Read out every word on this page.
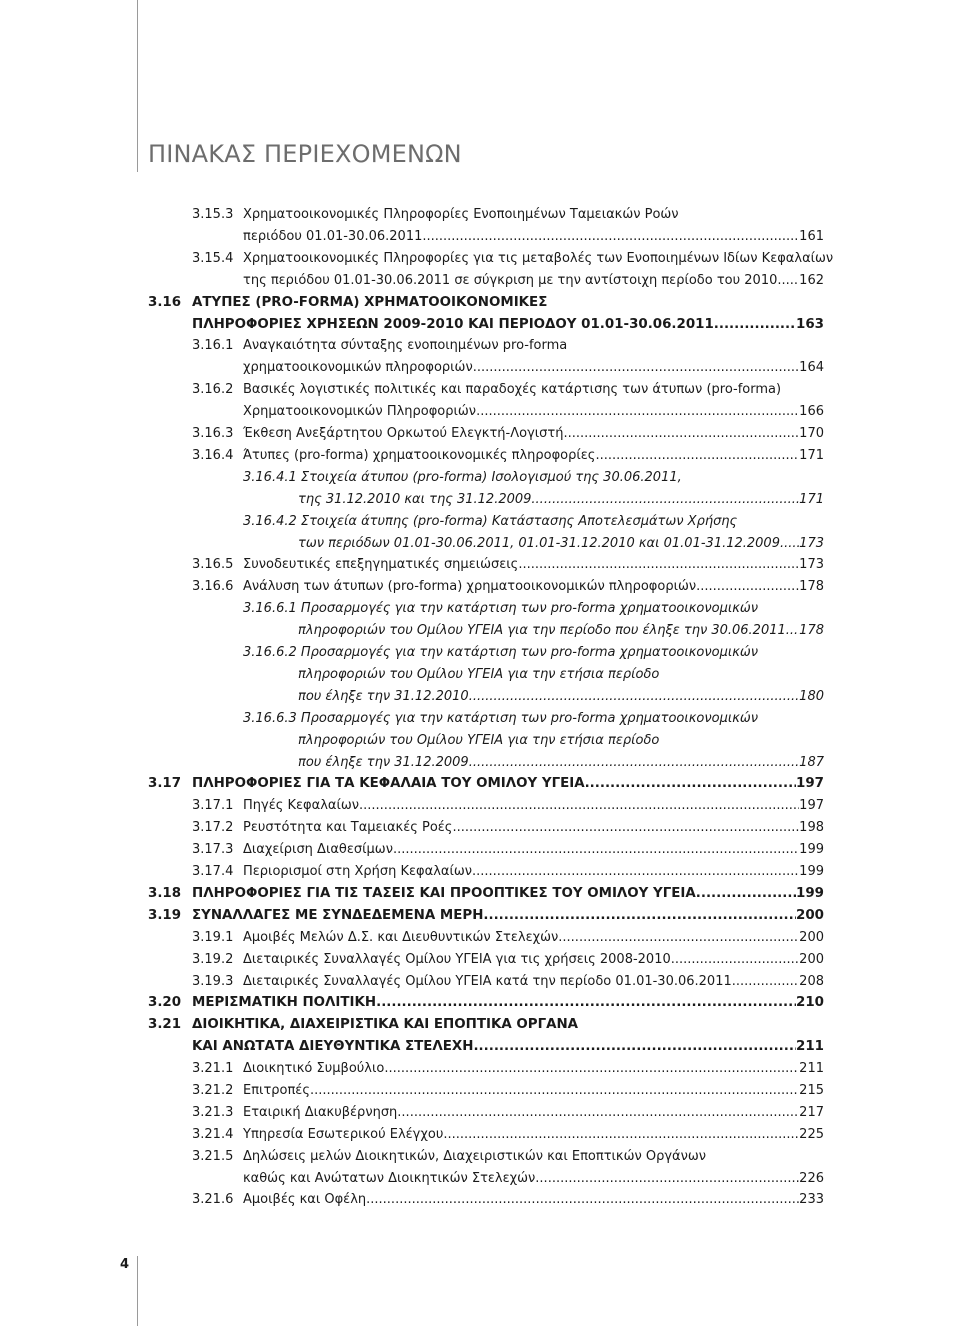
ΠΙΝΑΚΑΣ ΠΕΡΙΕΧΟΜΕΝΩΝ
3.15.3 Χρηματοοικονομικές Πληροφορίες Ενοποιημένων Ταμειακών Ροών
περιόδου 01.01-30.06.2011 .....	161
3.15.4 Χρηματοοικονομικές Πληροφορίες για τις μεταβολές των Ενοποιημένων Ιδίων Κεφαλαίων
της περιόδου 01.01-30.06.2011 σε σύγκριση με την αντίστοιχη περίοδο του 2010 ..... 162
3.16 ΑΤΥΠΕΣ (PRO-FORMA) ΧΡΗΜΑΤΟΟΙΚΟΝΟΜΙΚΕΣ
ΠΛΗΡΟΦΟΡΙΕΣ ΧΡΗΣΕΩΝ 2009-2010 ΚΑΙ ΠΕΡΙΟΔΟΥ 01.01-30.06.2011 .....	163
3.16.1 Αναγκαιότητα σύνταξης ενοποιημένων pro-forma
χρηματοοικονομικών πληροφοριών .....	164
3.16.2 Βασικές λογιστικές πολιτικές και παραδοχές κατάρτισης των άτυπων (pro-forma)
Χρηματοοικονομικών Πληροφοριών .....	166
3.16.3 Έκθεση Ανεξάρτητου Ορκωτού Ελεγκτή-Λογιστή .....	170
3.16.4 Άτυπες (pro-forma) χρηματοοικονομικές πληροφορίες .....	171
3.16.4.1 Στοιχεία άτυπου (pro-forma) Ισολογισμού της 30.06.2011,
της 31.12.2010 και της 31.12.2009 .....	171
3.16.4.2 Στοιχεία άτυπης (pro-forma) Κατάστασης Αποτελεσμάτων Χρήσης
των περιόδων 01.01-30.06.2011, 01.01-31.12.2010 και 01.01-31.12.2009 ..... 173
3.16.5 Συνοδευτικές επεξηγηματικές σημειώσεις .....	173
3.16.6 Ανάλυση των άτυπων (pro-forma) χρηματοοικονομικών πληροφοριών .....	178
3.16.6.1 Προσαρμογές για την κατάρτιση των pro-forma χρηματοοικονομικών
πληροφοριών του Ομίλου ΥΓΕΙΑ για την περίοδο που έληξε την 30.06.2011 ..... 178
3.16.6.2 Προσαρμογές για την κατάρτιση των pro-forma χρηματοοικονομικών
πληροφοριών του Ομίλου ΥΓΕΙΑ για την ετήσια περίοδο
που έληξε την 31.12.2010 .....	180
3.16.6.3 Προσαρμογές για την κατάρτιση των pro-forma χρηματοοικονομικών
πληροφοριών του Ομίλου ΥΓΕΙΑ για την ετήσια περίοδο
που έληξε την 31.12.2009 .....	187
3.17 ΠΛΗΡΟΦΟΡΙΕΣ ΓΙΑ ΤΑ ΚΕΦΑΛΑΙΑ ΤΟΥ ΟΜΙΛΟΥ ΥΓΕΙΑ .....	197
3.17.1 Πηγές Κεφαλαίων .....	197
3.17.2 Ρευστότητα και Ταμειακές Ροές .....	198
3.17.3 Διαχείριση Διαθεσίμων .....	199
3.17.4 Περιορισμοί στη Χρήση Κεφαλαίων .....	199
3.18 ΠΛΗΡΟΦΟΡΙΕΣ ΓΙΑ ΤΙΣ ΤΑΣΕΙΣ ΚΑΙ ΠΡΟΟΠΤΙΚΕΣ ΤΟΥ ΟΜΙΛΟΥ ΥΓΕΙΑ .....	199
3.19 ΣΥΝΑΛΛΑΓΕΣ ΜΕ ΣΥΝΔΕΔΕΜΕΝΑ ΜΕΡΗ .....	200
3.19.1 Αμοιβές Μελών Δ.Σ. και Διευθυντικών Στελεχών .....	200
3.19.2 Διεταιρικές Συναλλαγές Ομίλου ΥΓΕΙΑ για τις χρήσεις 2008-2010 .....	200
3.19.3 Διεταιρικές Συναλλαγές Ομίλου ΥΓΕΙΑ κατά την περίοδο 01.01-30.06.2011 .....	208
3.20 ΜΕΡΙΣΜΑΤΙΚΗ ΠΟΛΙΤΙΚΗ .....	210
3.21 ΔΙΟΙΚΗΤΙΚΑ, ΔΙΑΧΕΙΡΙΣΤΙΚΑ ΚΑΙ ΕΠΟΠΤΙΚΑ ΟΡΓΑΝΑ
ΚΑΙ ΑΝΩΤΑΤΑ ΔΙΕΥΘΥΝΤΙΚΑ ΣΤΕΛΕΧΗ .....	211
3.21.1 Διοικητικό Συμβούλιο .....	211
3.21.2 Επιτροπές .....	215
3.21.3 Εταιρική Διακυβέρνηση .....	217
3.21.4 Υπηρεσία Εσωτερικού Ελέγχου .....	225
3.21.5 Δηλώσεις μελών Διοικητικών, Διαχειριστικών και Εποπτικών Οργάνων
καθώς και Ανώτατων Διοικητικών Στελεχών .....	226
3.21.6 Αμοιβές και Οφέλη .....	233
4
